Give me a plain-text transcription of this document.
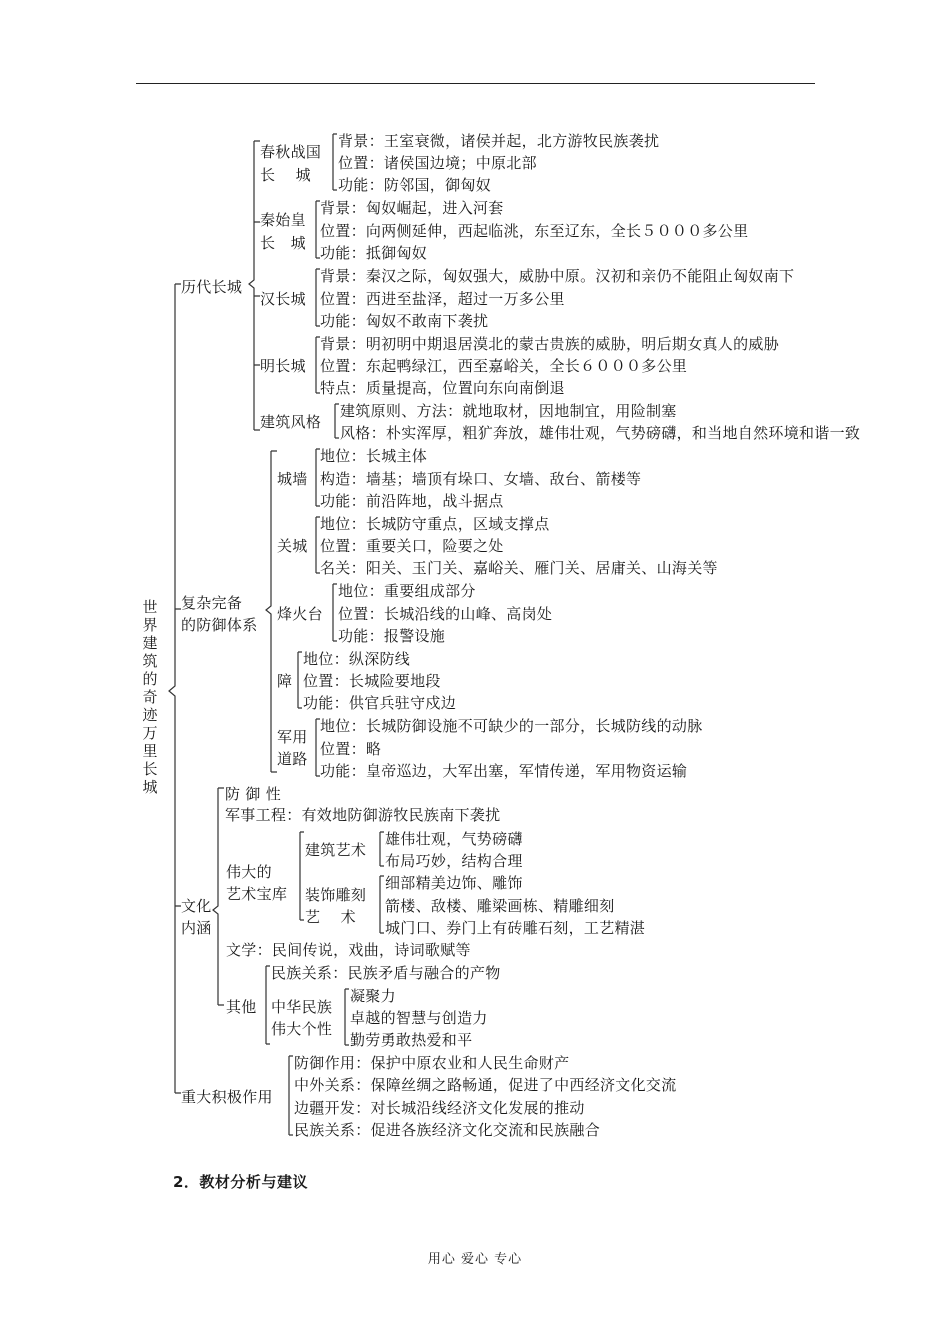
世界建筑的奇迹万里长城
春秋战国
长　 城
背景：王室衰微，诸侯并起，北方游牧民族袭扰
位置：诸侯国边境；中原北部
功能：防邻国，御匈奴
秦始皇
长　城
背景：匈奴崛起，进入河套
位置：向两侧延伸，西起临洮，东至辽东，全长５０００多公里
功能：抵御匈奴
历代长城
汉长城
背景：秦汉之际，匈奴强大，威胁中原。汉初和亲仍不能阻止匈奴南下
位置：西进至盐泽，超过一万多公里
功能：匈奴不敢南下袭扰
明长城
背景：明初明中期退居漠北的蒙古贵族的威胁，明后期女真人的威胁
位置：东起鸭绿江，西至嘉峪关，全长６０００多公里
特点：质量提高，位置向东向南倒退
建筑风格
建筑原则、方法：就地取材，因地制宜，用险制塞
风格：朴实浑厚，粗犷奔放，雄伟壮观，气势磅礴，和当地自然环境和谐一致
城墙
地位：长城主体
构造：墙基；墙顶有垛口、女墙、敌台、箭楼等
功能：前沿阵地，战斗据点
关城
地位：长城防守重点，区域支撑点
位置：重要关口，险要之处
名关：阳关、玉门关、嘉峪关、雁门关、居庸关、山海关等
复杂完备
的防御体系
烽火台
地位：重要组成部分
位置：长城沿线的山峰、高岗处
功能：报警设施
障
地位：纵深防线
位置：长城险要地段
功能：供官兵驻守戍边
军用
道路
地位：长城防御设施不可缺少的一部分，长城防线的动脉
位置：略
功能：皇帝巡边，大军出塞，军情传递，军用物资运输
防 御 性
军事工程：有效地防御游牧民族南下袭扰
建筑艺术
雄伟壮观，气势磅礴
布局巧妙，结构合理
伟大的
艺术宝库 装饰雕刻
艺　 术
细部精美边饰、雕饰
箭楼、敌楼、雕梁画栋、精雕细刻
城门口、券门上有砖雕石刻，工艺精湛
文化
内涵
文学：民间传说，戏曲，诗词歌赋等
民族关系：民族矛盾与融合的产物
其他 中华民族
伟大个性
凝聚力
卓越的智慧与创造力
勤劳勇敢热爱和平
防御作用：保护中原农业和人民生命财产
中外关系：保障丝绸之路畅通，促进了中西经济文化交流
重大积极作用
边疆开发：对长城沿线经济文化发展的推动
民族关系：促进各族经济文化交流和民族融合
2．教材分析与建议
用心 爱心 专心
